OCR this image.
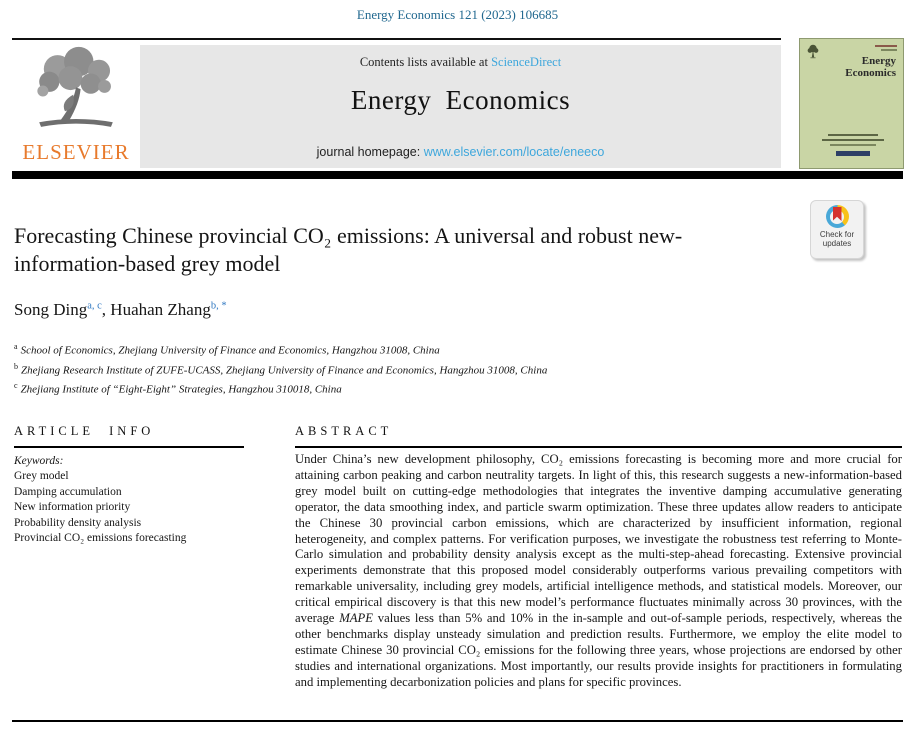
Energy Economics 121 (2023) 106685
ELSEVIER
Contents lists available at ScienceDirect
Energy Economics
journal homepage: www.elsevier.com/locate/eneeco
Energy
Economics
Forecasting Chinese provincial CO₂ emissions: A universal and robust new-information-based grey model
Check for
updates
Song Ding$^{a, c}$, Huahan Zhang$^{b, *}$
$^a$ School of Economics, Zhejiang University of Finance and Economics, Hangzhou 31008, China
$^b$ Zhejiang Research Institute of ZUFE-UCASS, Zhejiang University of Finance and Economics, Hangzhou 31008, China
$^c$ Zhejiang Institute of “Eight-Eight” Strategies, Hangzhou 310018, China
ARTICLE INFO	ABSTRACT
Keywords:
Grey model
Damping accumulation
New information priority
Probability density analysis
Provincial CO₂ emissions forecasting

Under China’s new development philosophy, CO₂ emissions forecasting is becoming more and more crucial for attaining carbon peaking and carbon neutrality targets. In light of this, this research suggests a new-information-based grey model built on cutting-edge methodologies that integrates the inventive damping accumulative generating operator, the data smoothing index, and particle swarm optimization. These three updates allow readers to anticipate the Chinese 30 provincial carbon emissions, which are characterized by insufficient information, regional heterogeneity, and complex patterns. For verification purposes, we investigate the robustness test referring to Monte-Carlo simulation and probability density analysis except as the multi-step-ahead forecasting. Extensive provincial experiments demonstrate that this proposed model considerably outperforms various prevailing competitors with remarkable universality, including grey models, artificial intelligence methods, and statistical models. Moreover, our critical empirical discovery is that this new model’s performance fluctuates minimally across 30 provinces, with the average MAPE values less than 5% and 10% in the in-sample and out-of-sample periods, respectively, whereas the other benchmarks display unsteady simulation and prediction results. Furthermore, we employ the elite model to estimate Chinese 30 provincial CO₂ emissions for the following three years, whose projections are endorsed by other studies and international organizations. Most importantly, our results provide insights for practitioners in formulating and implementing decarbonization policies and plans for specific provinces.
